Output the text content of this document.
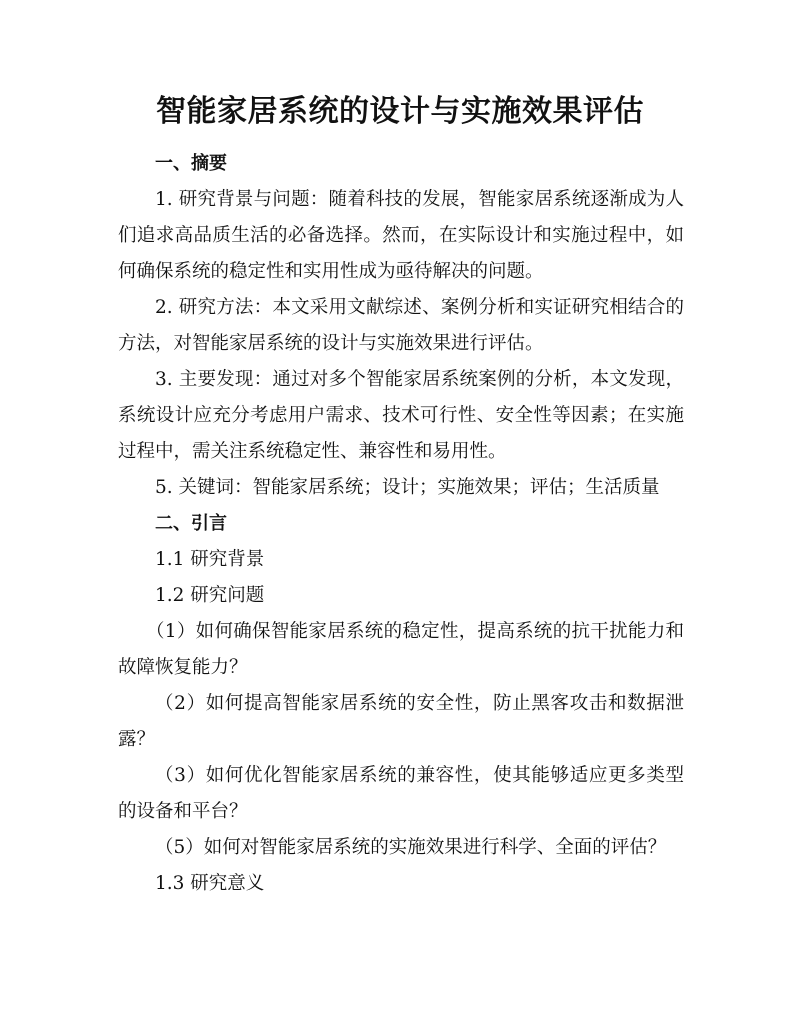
智能家居系统的设计与实施效果评估

一、摘要

1. 研究背景与问题：随着科技的发展，智能家居系统逐渐成为人们追求高品质生活的必备选择。然而，在实际设计和实施过程中，如何确保系统的稳定性和实用性成为亟待解决的问题。

2. 研究方法：本文采用文献综述、案例分析和实证研究相结合的方法，对智能家居系统的设计与实施效果进行评估。

3. 主要发现：通过对多个智能家居系统案例的分析，本文发现，系统设计应充分考虑用户需求、技术可行性、安全性等因素；在实施过程中，需关注系统稳定性、兼容性和易用性。

5. 关键词：智能家居系统；设计；实施效果；评估；生活质量

二、引言

1.1 研究背景

1.2 研究问题

（1）如何确保智能家居系统的稳定性，提高系统的抗干扰能力和故障恢复能力？

（2）如何提高智能家居系统的安全性，防止黑客攻击和数据泄露？

（3）如何优化智能家居系统的兼容性，使其能够适应更多类型的设备和平台？

（5）如何对智能家居系统的实施效果进行科学、全面的评估？

1.3 研究意义
